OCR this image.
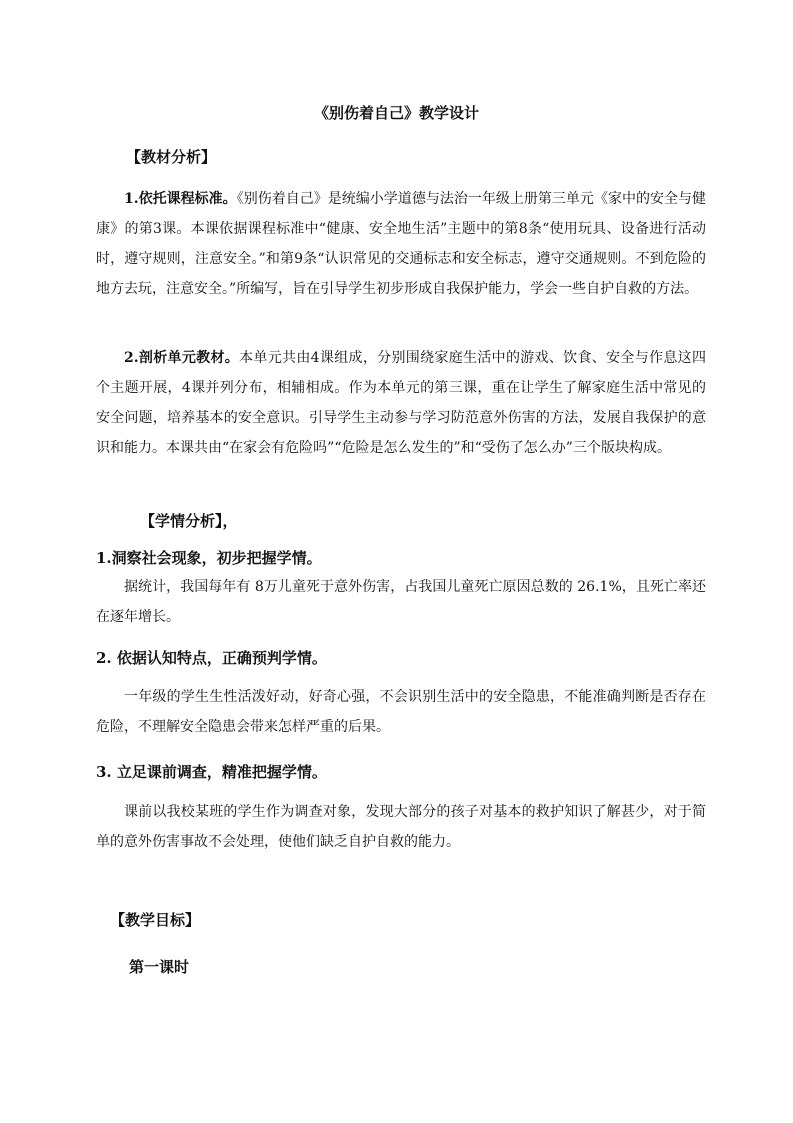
《别伤着自己》教学设计
【教材分析】
1.依托课程标准。《别伤着自己》是统编小学道德与法治一年级上册第三单元《家中的安全与健康》的第3课。本课依据课程标准中“健康、安全地生活”主题中的第8条“使用玩具、设备进行活动时，遵守规则，注意安全。”和第9条“认识常见的交通标志和安全标志，遵守交通规则。不到危险的地方去玩，注意安全。”所编写，旨在引导学生初步形成自我保护能力，学会一些自护自救的方法。
2.剖析单元教材。本单元共由4课组成，分别围绕家庭生活中的游戏、饮食、安全与作息这四个主题开展，4课并列分布，相辅相成。作为本单元的第三课，重在让学生了解家庭生活中常见的安全问题，培养基本的安全意识。引导学生主动参与学习防范意外伤害的方法，发展自我保护的意识和能力。本课共由“在家会有危险吗”“危险是怎么发生的”和“受伤了怎么办”三个版块构成。
【学情分析】，
1.洞察社会现象，初步把握学情。
据统计，我国每年有 8万儿童死于意外伤害，占我国儿童死亡原因总数的 26.1%，且死亡率还在逐年增长。
2. 依据认知特点，正确预判学情。
一年级的学生生性活泼好动，好奇心强，不会识别生活中的安全隐患，不能准确判断是否存在危险，不理解安全隐患会带来怎样严重的后果。
3. 立足课前调查，精准把握学情。
课前以我校某班的学生作为调查对象，发现大部分的孩子对基本的救护知识了解甚少，对于简单的意外伤害事故不会处理，使他们缺乏自护自救的能力。
【教学目标】
第一课时
